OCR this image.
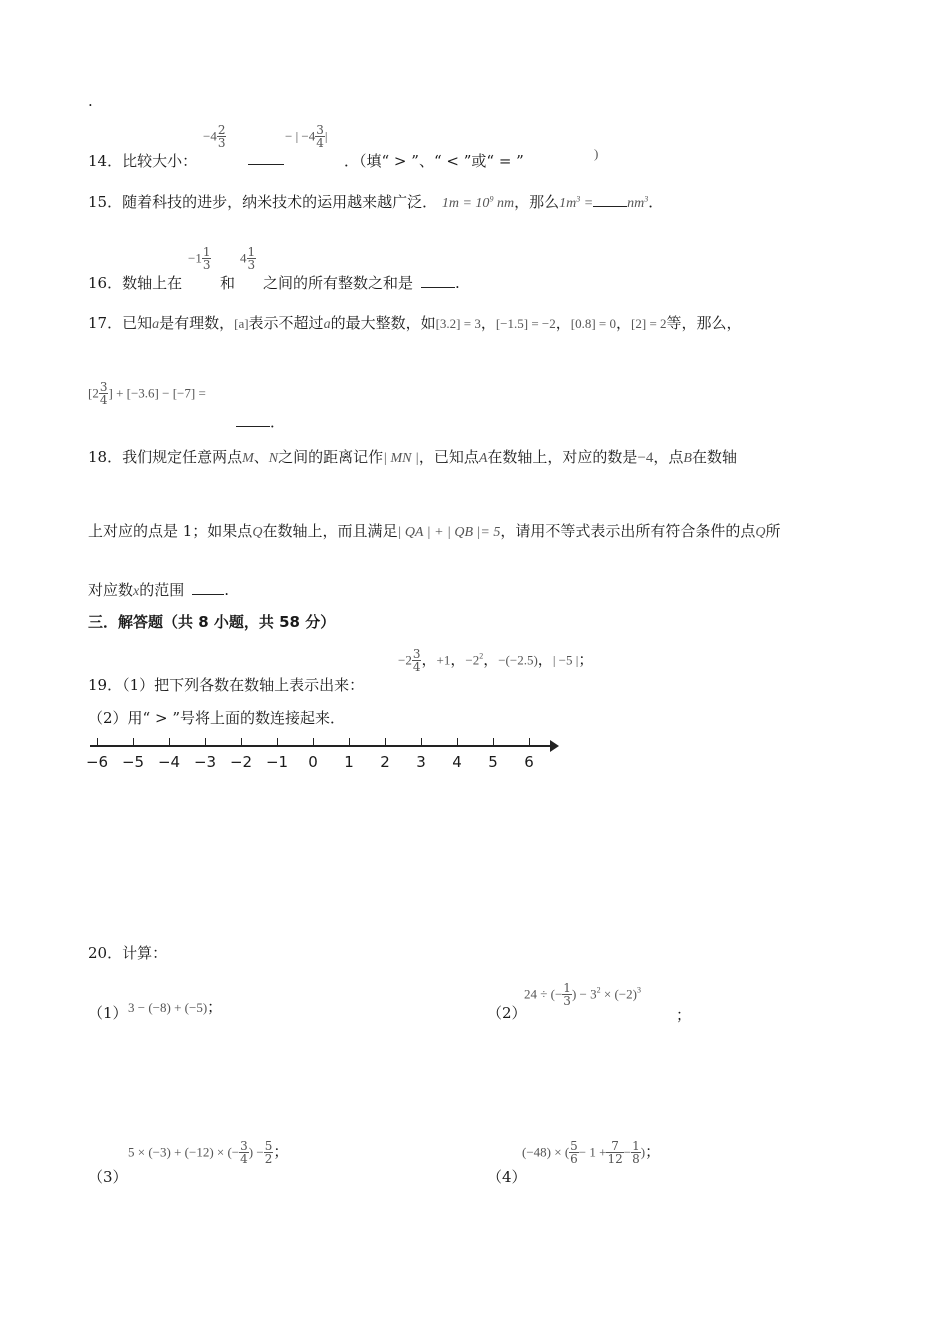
.
14．比较大小：
$-4 \frac{2}{3}$	− | $-4 \frac{3}{4}$ |
．（填“ > ”、“ < ”或“ = ”	)
15．随着科技的进步，纳米技术的运用越来越广泛． $1m = 10^9$ nm，那么$1m^3 = nm^3$．
16．数轴上在
$-1 \frac{1}{3}$
和
$4 \frac{1}{3}$
之间的所有整数之和是	.
17．已知a是有理数，[a]表示不超过a的最大整数，如[3.2] = 3，[−1.5] = −2，[0.8] = 0，[2] = 2等，那么，
[$2 \frac{3}{4}$ ] + [−3.6] − [−7] =
．
18．我们规定任意两点M、N之间的距离记作| MN |，已知点A在数轴上，对应的数是−4，点B在数轴
上对应的点是 1；如果点Q在数轴上，而且满足| QA | + | QB |= 5，请用不等式表示出所有符合条件的点Q所
对应数x的范围	.
三．解答题（共 8 小题，共 58 分）
19．（1）把下列各数在数轴上表示出来：
$-2 \frac{3}{4}$ ，+1，$-2^2$，−(−2.5)，| −5 |；
（2）用“ > ”号将上面的数连接起来．
−6 −5 −4 −3 −2 −1 0 1 2 3 4 5 6
20．计算：
（1） 3 − (−8) + (−5)；	（2）
24 ÷ (− $\frac{1}{3}$ ) − $3^2 \times (-2)^3$
；
（3）
5 × (−3) + (−12) × (− $\frac{3}{4}$ ) − $\frac{5}{2}$ ；
（4）
(−48) × ( $\frac{5}{6} - 1 + \frac{7}{12} - \frac{1}{8}$ )；
